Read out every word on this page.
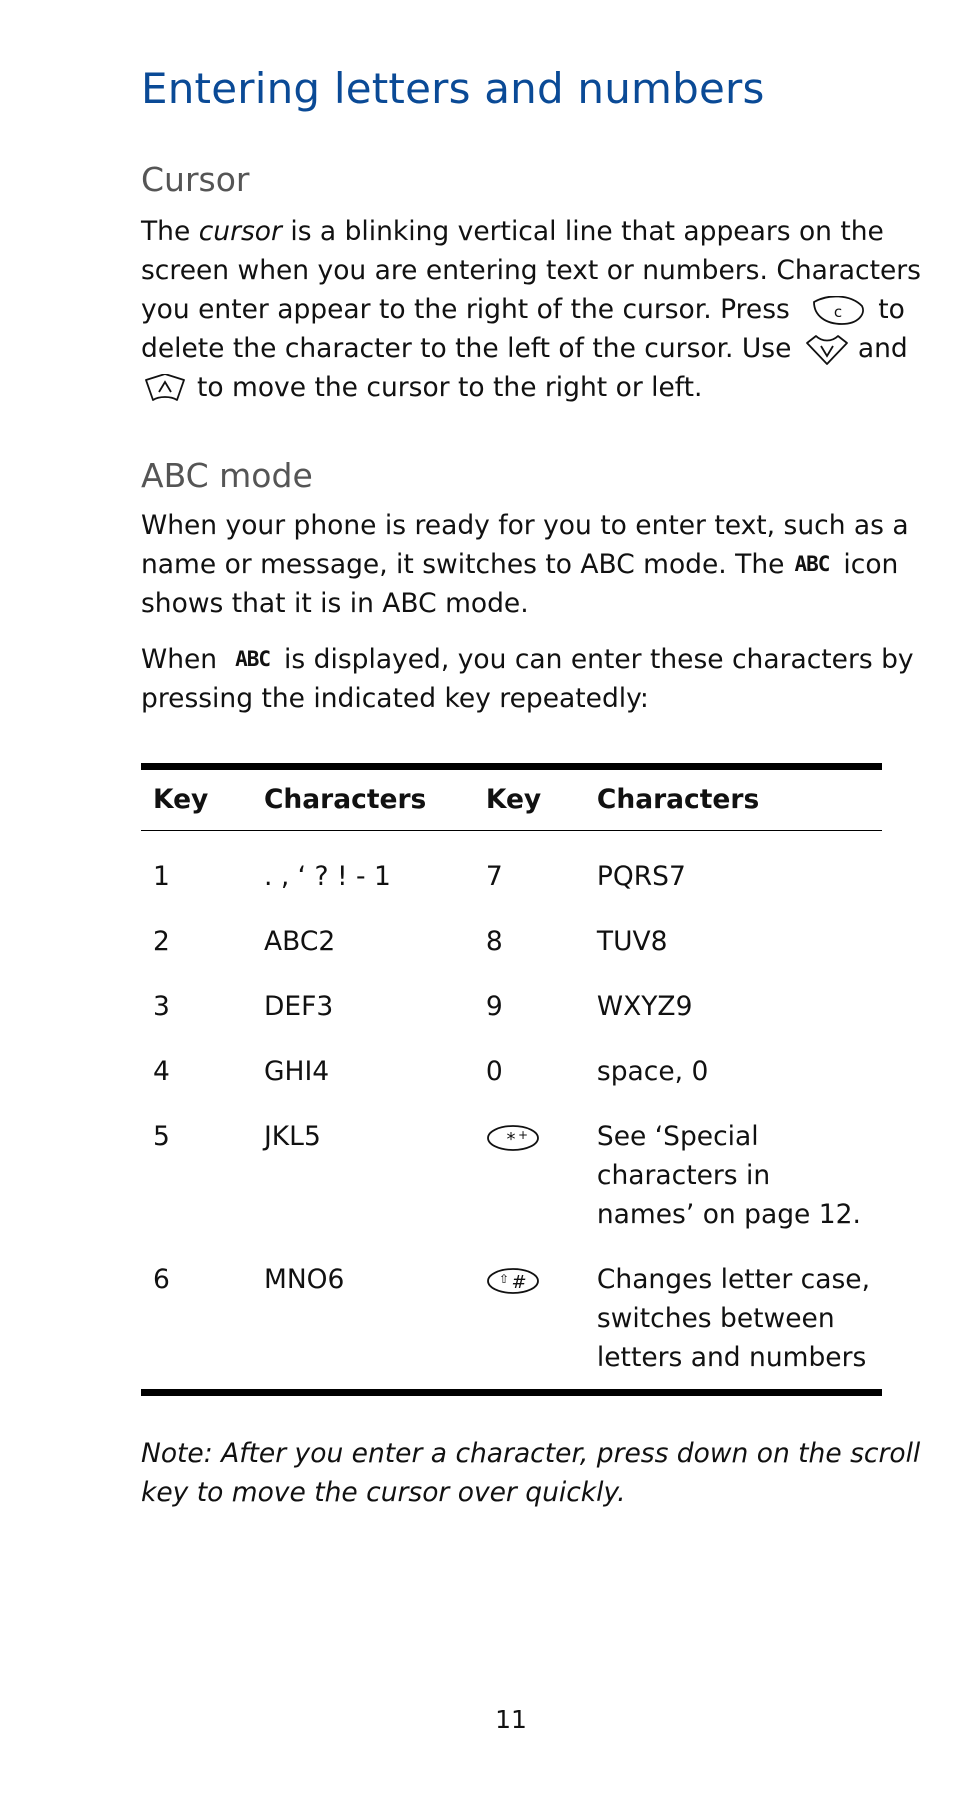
Entering letters and numbers
Cursor
The cursor is a blinking vertical line that appears on the
screen when you are entering text or numbers. Characters
you enter appear to the right of the cursor. Press	c to
delete the character to the left of the cursor. Use	and
to move the cursor to the right or left.
ABC mode
When your phone is ready for you to enter text, such as a
name or message, it switches to ABC mode. The ABC icon
shows that it is in ABC mode.
When ABC is displayed, you can enter these characters by
pressing the indicated key repeatedly:
Key	Characters	Key	Characters
1	. , ‘ ? ! - 1	7	PQRS7
2	ABC2	8	TUV8
3	DEF3	9	WXYZ9
4	GHI4	0	space, 0
5	JKL5	* +	See ‘Special
characters in
names’ on page 12.

6	MNO6	⇧ #	Changes letter case,
switches between
letters and numbers
Note: After you enter a character, press down on the scroll
key to move the cursor over quickly.
11
